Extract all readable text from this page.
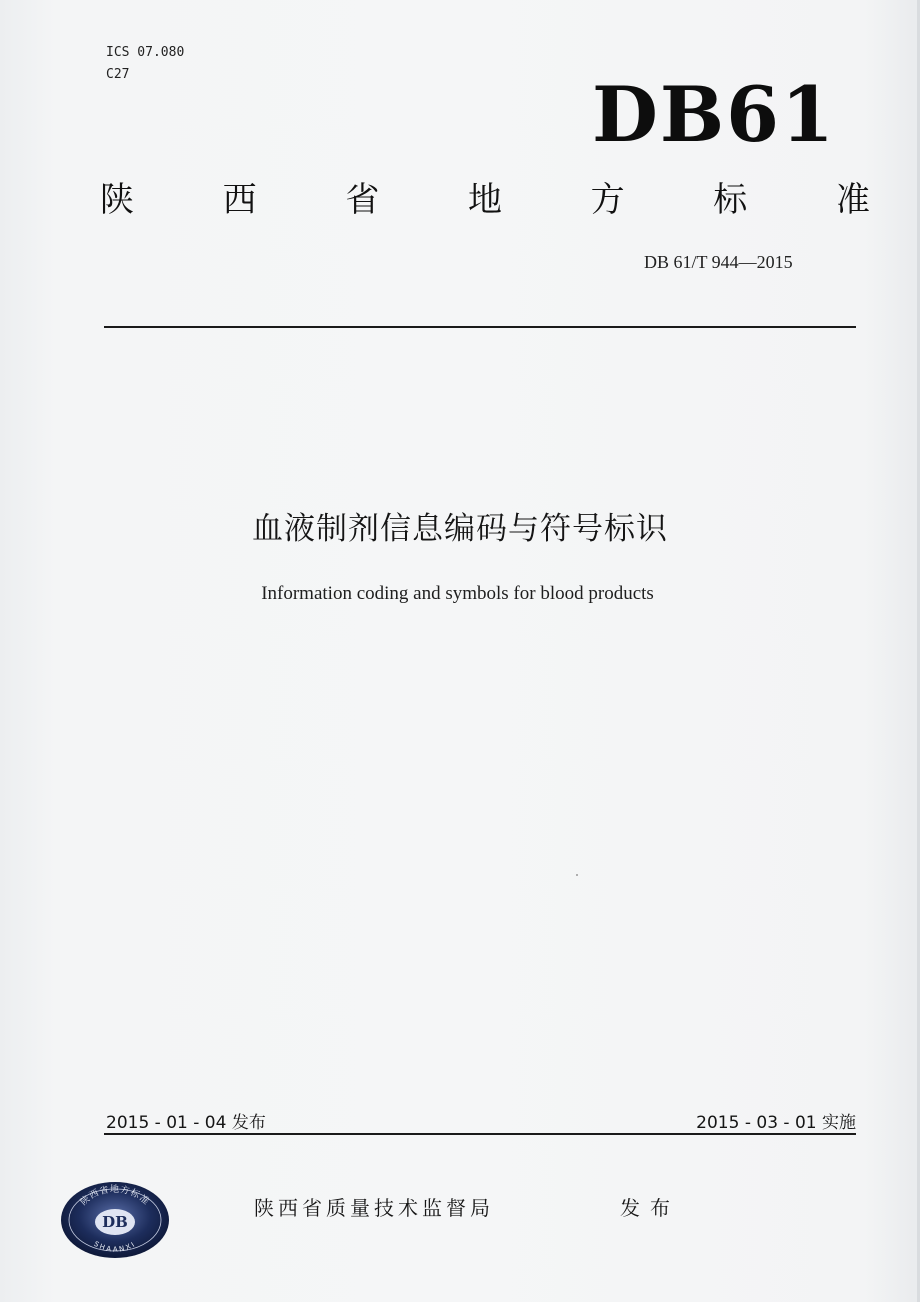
ICS 07.080
C27	DB61
陕	西	省	地	方	标	准
DB 61/T 944—2015
血液制剂信息编码与符号标识
Information coding and symbols for blood products
2015 - 01 - 04 发布	2015 - 03 - 01 实施
陕西省地方标准
DB
SHAANXI
陕西省质量技术监督局	发布
